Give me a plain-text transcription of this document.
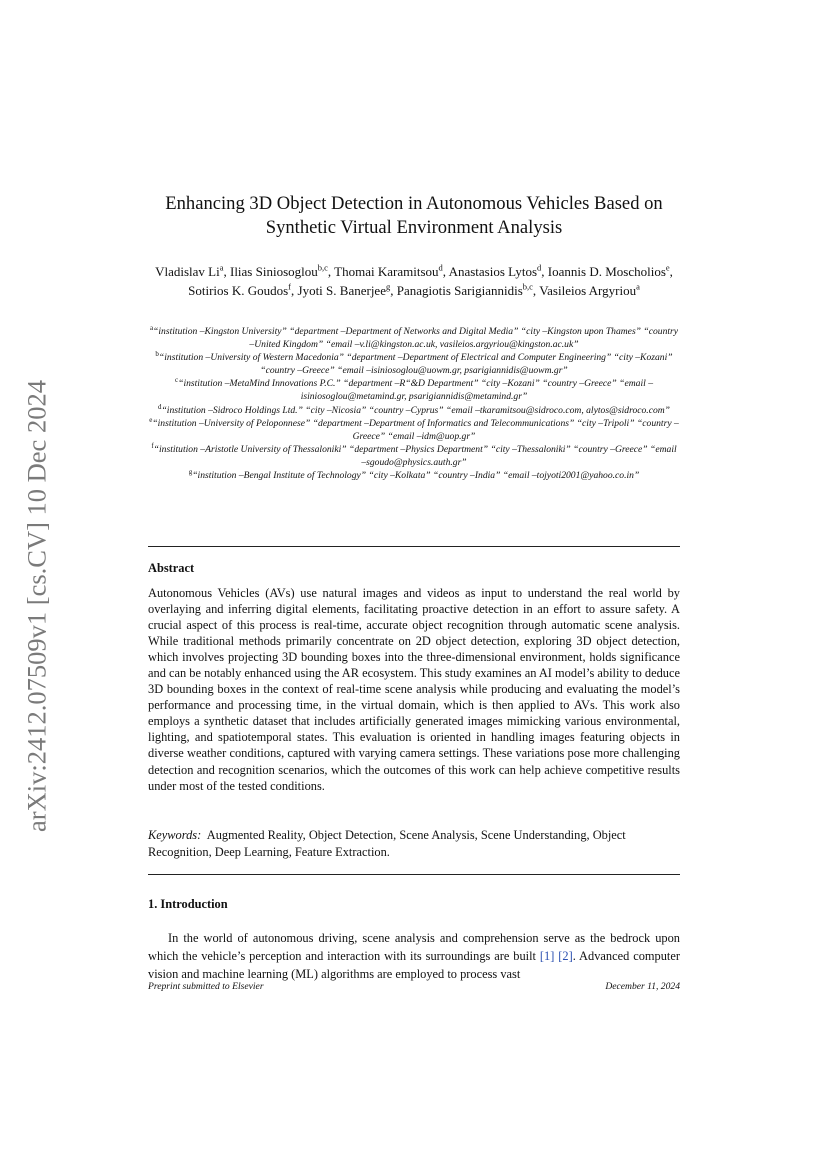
arXiv:2412.07509v1 [cs.CV] 10 Dec 2024
Enhancing 3D Object Detection in Autonomous Vehicles Based on Synthetic Virtual Environment Analysis
Vladislav Li$^a$, Ilias Siniosoglou$^{b,c}$, Thomai Karamitsou$^d$, Anastasios Lytos$^d$, Ioannis D. Moscholios$^e$, Sotirios K. Goudos$^f$, Jyoti S. Banerjee$^g$, Panagiotis Sarigiannidis$^{b,c}$, Vasileios Argyriou$^a$
$^a$“institution –Kingston University” “department –Department of Networks and Digital Media” “city –Kingston upon Thames” “country –United Kingdom” “email –v.li@kingston.ac.uk, vasileios.argyriou@kingston.ac.uk”
$^b$“institution –University of Western Macedonia” “department –Department of Electrical and Computer Engineering” “city –Kozani” “country –Greece” “email –isiniosoglou@uowm.gr, psarigiannidis@uowm.gr”
$^c$“institution –MetaMind Innovations P.C.” “department –R“&D Department” “city –Kozani” “country –Greece” “email –isiniosoglou@metamind.gr, psarigiannidis@metamind.gr”
$^d$“institution –Sidroco Holdings Ltd.” “city –Nicosia” “country –Cyprus” “email –tkaramitsou@sidroco.com, alytos@sidroco.com”
$^e$“institution –University of Peloponnese” “department –Department of Informatics and Telecommunications” “city –Tripoli” “country –Greece” “email –idm@uop.gr”
$^f$“institution –Aristotle University of Thessaloniki” “department –Physics Department” “city –Thessaloniki” “country –Greece” “email –sgoudo@physics.auth.gr”
$^g$“institution –Bengal Institute of Technology” “city –Kolkata” “country –India” “email –tojyoti2001@yahoo.co.in”
Abstract
Autonomous Vehicles (AVs) use natural images and videos as input to understand the real world by overlaying and inferring digital elements, facilitating proactive detection in an effort to assure safety. A crucial aspect of this process is real-time, accurate object recognition through automatic scene analysis. While traditional methods primarily concentrate on 2D object detection, exploring 3D object detection, which involves projecting 3D bounding boxes into the three-dimensional environment, holds significance and can be notably enhanced using the AR ecosystem. This study examines an AI model’s ability to deduce 3D bounding boxes in the context of real-time scene analysis while producing and evaluating the model’s performance and processing time, in the virtual domain, which is then applied to AVs. This work also employs a synthetic dataset that includes artificially generated images mimicking various environmental, lighting, and spatiotemporal states. This evaluation is oriented in handling images featuring objects in diverse weather conditions, captured with varying camera settings. These variations pose more challenging detection and recognition scenarios, which the outcomes of this work can help achieve competitive results under most of the tested conditions.
Keywords: Augmented Reality, Object Detection, Scene Analysis, Scene Understanding, Object Recognition, Deep Learning, Feature Extraction.
1. Introduction
In the world of autonomous driving, scene analysis and comprehension serve as the bedrock upon which the vehicle’s perception and interaction with its surroundings are built [1] [2]. Advanced computer vision and machine learning (ML) algorithms are employed to process vast
Preprint submitted to Elsevier	December 11, 2024
